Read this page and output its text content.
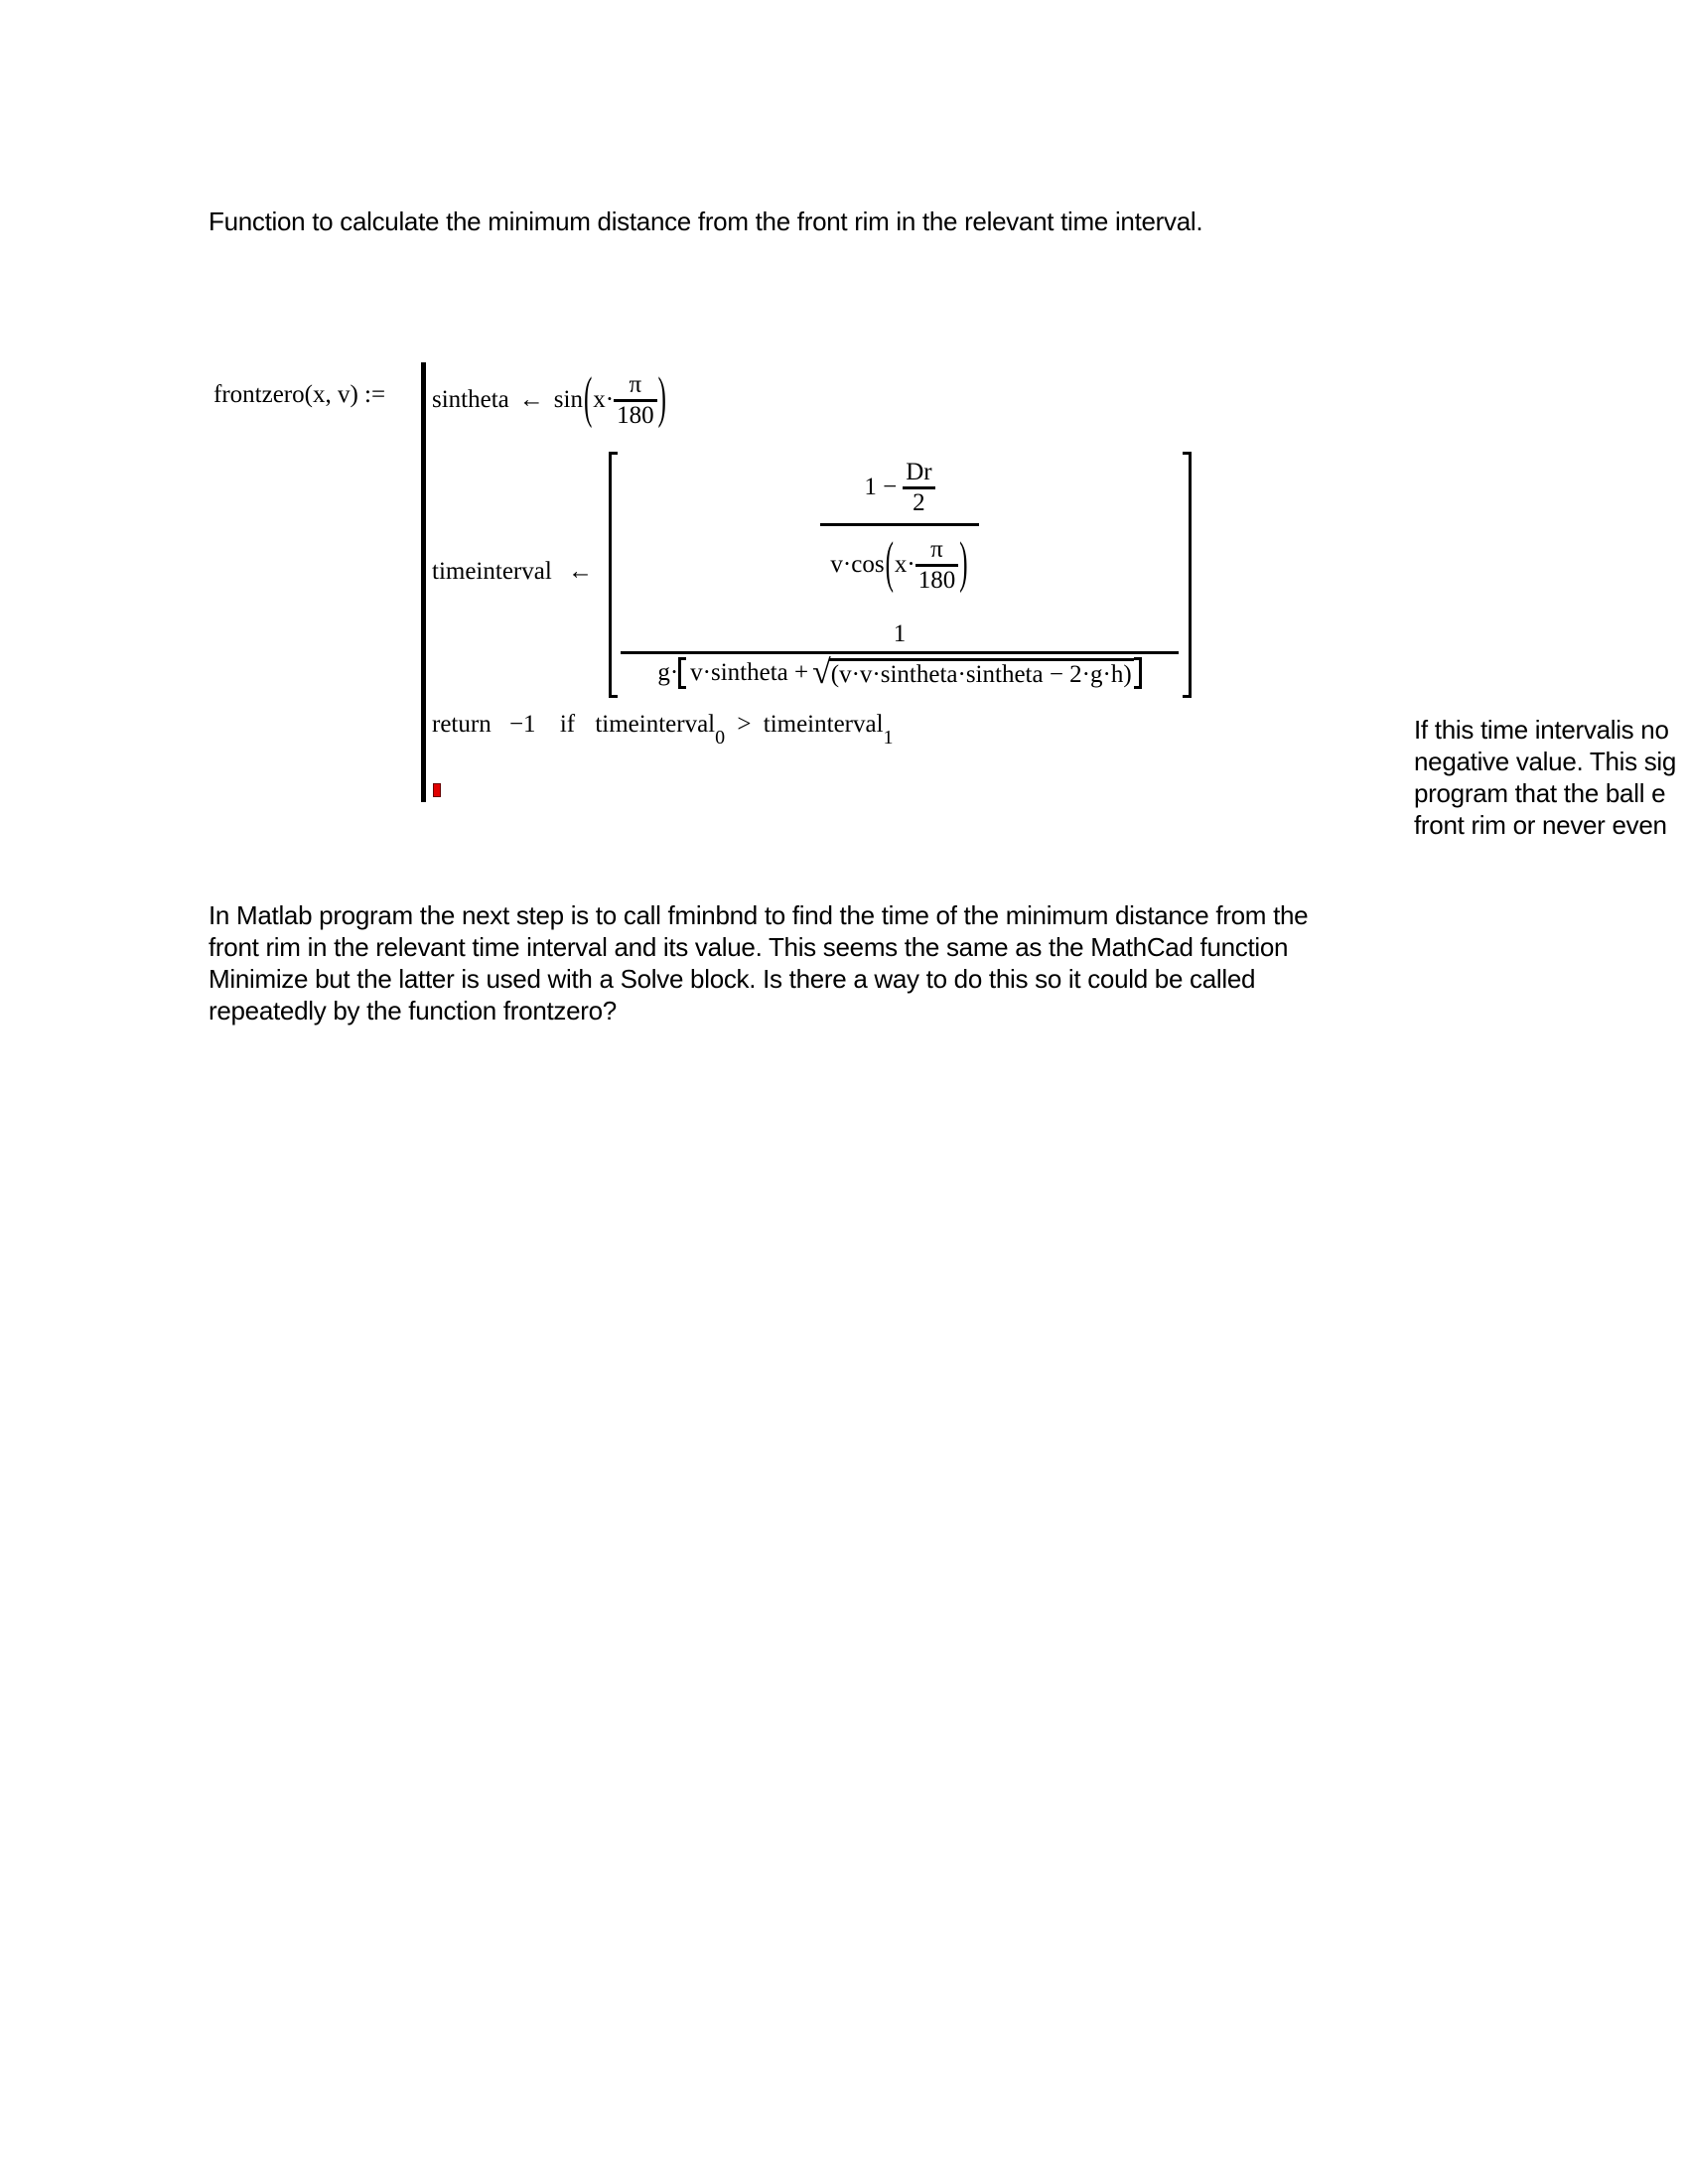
Function to calculate the minimum distance from the front rim in the relevant time interval.
frontzero(x, v) := sintheta ← sin ( $x\cdot \frac{\pi}{180}$ )
timeinterval ←
$1 - \frac{Dr}{2}$
v·cos ( $x\cdot \frac{\pi}{180}$ )
1
g· v·sintheta + √ (v·v·sintheta·sintheta − 2·g·h)
return −1 if timeinterval$_0$ > timeinterval$_1$	If this time intervalis no
negative value. This sig
program that the ball e
front rim or never even
In Matlab program the next step is to call fminbnd to find the time of the minimum distance from the
front rim in the relevant time interval and its value. This seems the same as the MathCad function
Minimize but the latter is used with a Solve block. Is there a way to do this so it could be called
repeatedly by the function frontzero?
